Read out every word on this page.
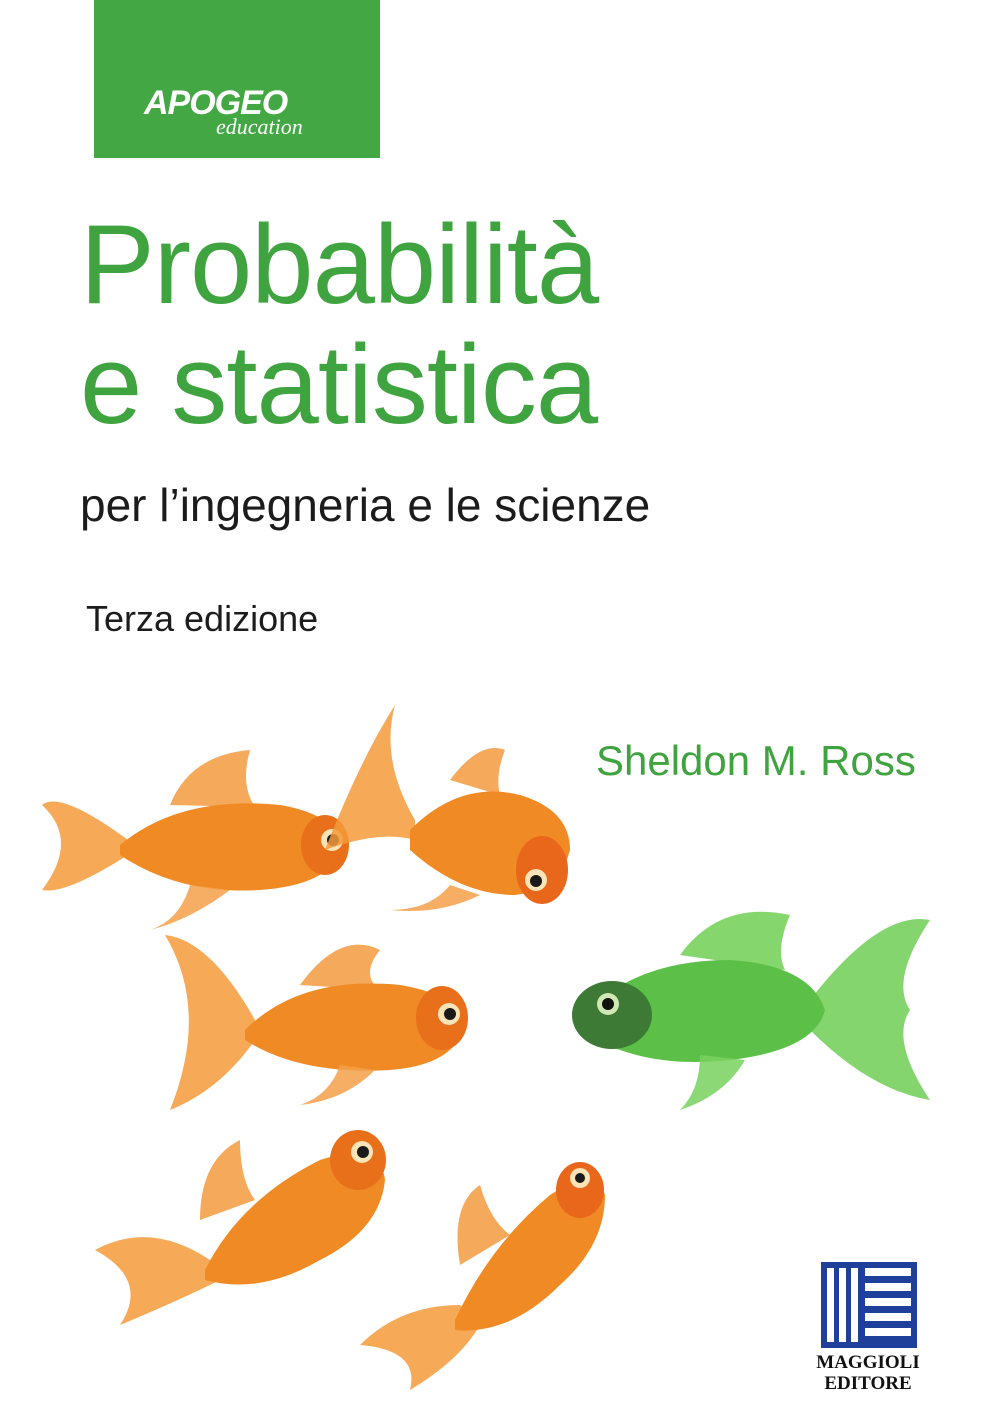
APOGEO
education
Probabilità
e statistica
per l’ingegneria e le scienze
Terza edizione
Sheldon M. Ross
MAGGIOLI
EDITORE
